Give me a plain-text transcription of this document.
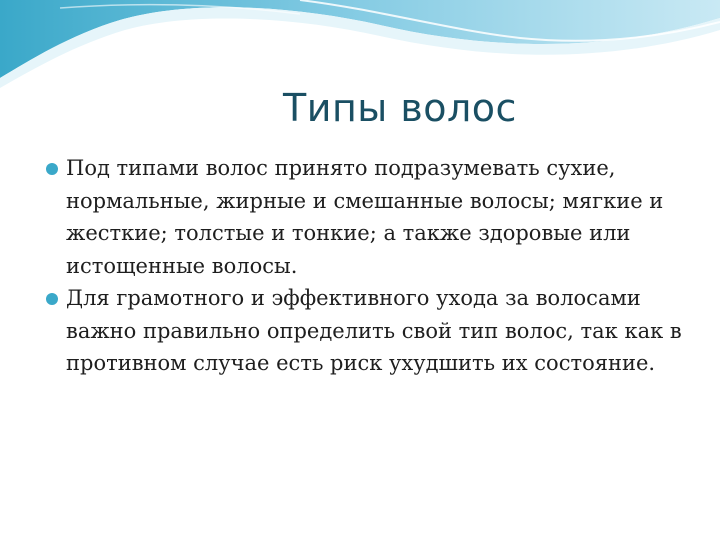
Типы волос
Под типами волос принято подразумевать сухие, нормальные, жирные и смешанные волосы; мягкие и жесткие; толстые и тонкие; а также здоровые или истощенные волосы.
Для грамотного и эффективного ухода за волосами важно правильно определить свой тип волос, так как в противном случае есть риск ухудшить их состояние.
